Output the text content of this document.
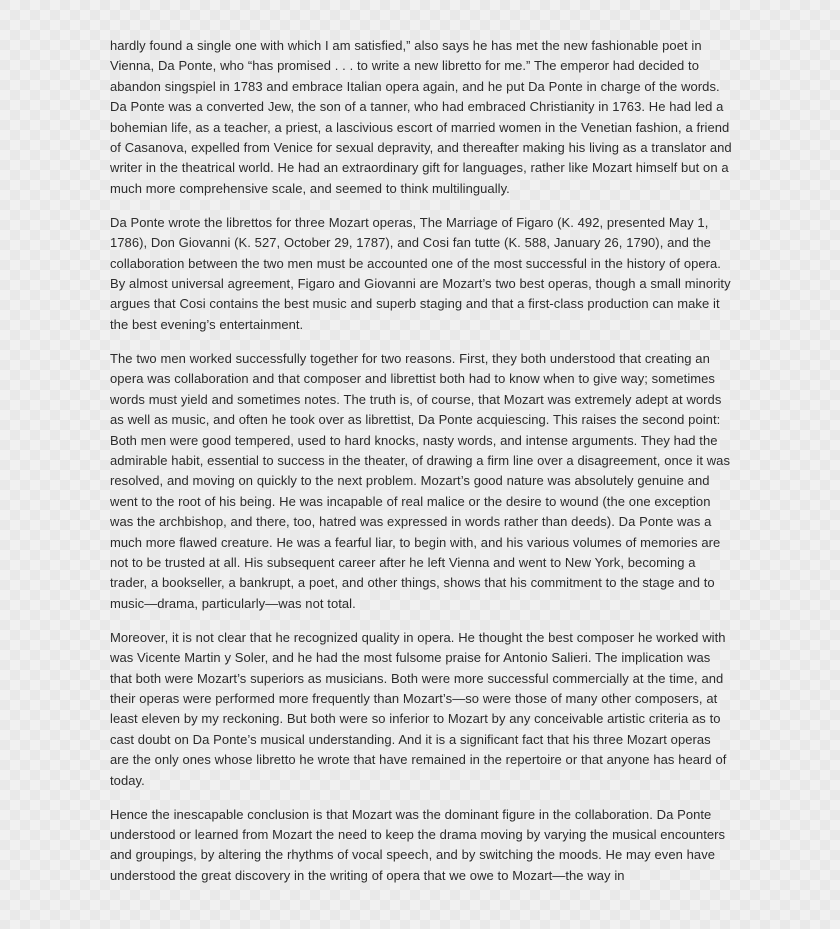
hardly found a single one with which I am satisfied,” also says he has met the new fashionable poet in Vienna, Da Ponte, who “has promised . . . to write a new libretto for me.” The emperor had decided to abandon singspiel in 1783 and embrace Italian opera again, and he put Da Ponte in charge of the words. Da Ponte was a converted Jew, the son of a tanner, who had embraced Christianity in 1763. He had led a bohemian life, as a teacher, a priest, a lascivious escort of married women in the Venetian fashion, a friend of Casanova, expelled from Venice for sexual depravity, and thereafter making his living as a translator and writer in the theatrical world. He had an extraordinary gift for languages, rather like Mozart himself but on a much more comprehensive scale, and seemed to think multilingually.

Da Ponte wrote the librettos for three Mozart operas, The Marriage of Figaro (K. 492, presented May 1, 1786), Don Giovanni (K. 527, October 29, 1787), and Cosi fan tutte (K. 588, January 26, 1790), and the collaboration between the two men must be accounted one of the most successful in the history of opera. By almost universal agreement, Figaro and Giovanni are Mozart’s two best operas, though a small minority argues that Cosi contains the best music and superb staging and that a first-class production can make it the best evening’s entertainment.

The two men worked successfully together for two reasons. First, they both understood that creating an opera was collaboration and that composer and librettist both had to know when to give way; sometimes words must yield and sometimes notes. The truth is, of course, that Mozart was extremely adept at words as well as music, and often he took over as librettist, Da Ponte acquiescing. This raises the second point: Both men were good tempered, used to hard knocks, nasty words, and intense arguments. They had the admirable habit, essential to success in the theater, of drawing a firm line over a disagreement, once it was resolved, and moving on quickly to the next problem. Mozart’s good nature was absolutely genuine and went to the root of his being. He was incapable of real malice or the desire to wound (the one exception was the archbishop, and there, too, hatred was expressed in words rather than deeds). Da Ponte was a much more flawed creature. He was a fearful liar, to begin with, and his various volumes of memories are not to be trusted at all. His subsequent career after he left Vienna and went to New York, becoming a trader, a bookseller, a bankrupt, a poet, and other things, shows that his commitment to the stage and to music—drama, particularly—was not total.

Moreover, it is not clear that he recognized quality in opera. He thought the best composer he worked with was Vicente Martin y Soler, and he had the most fulsome praise for Antonio Salieri. The implication was that both were Mozart’s superiors as musicians. Both were more successful commercially at the time, and their operas were performed more frequently than Mozart’s—so were those of many other composers, at least eleven by my reckoning. But both were so inferior to Mozart by any conceivable artistic criteria as to cast doubt on Da Ponte’s musical understanding. And it is a significant fact that his three Mozart operas are the only ones whose libretto he wrote that have remained in the repertoire or that anyone has heard of today.

Hence the inescapable conclusion is that Mozart was the dominant figure in the collaboration. Da Ponte understood or learned from Mozart the need to keep the drama moving by varying the musical encounters and groupings, by altering the rhythms of vocal speech, and by switching the moods. He may even have understood the great discovery in the writing of opera that we owe to Mozart—the way in
